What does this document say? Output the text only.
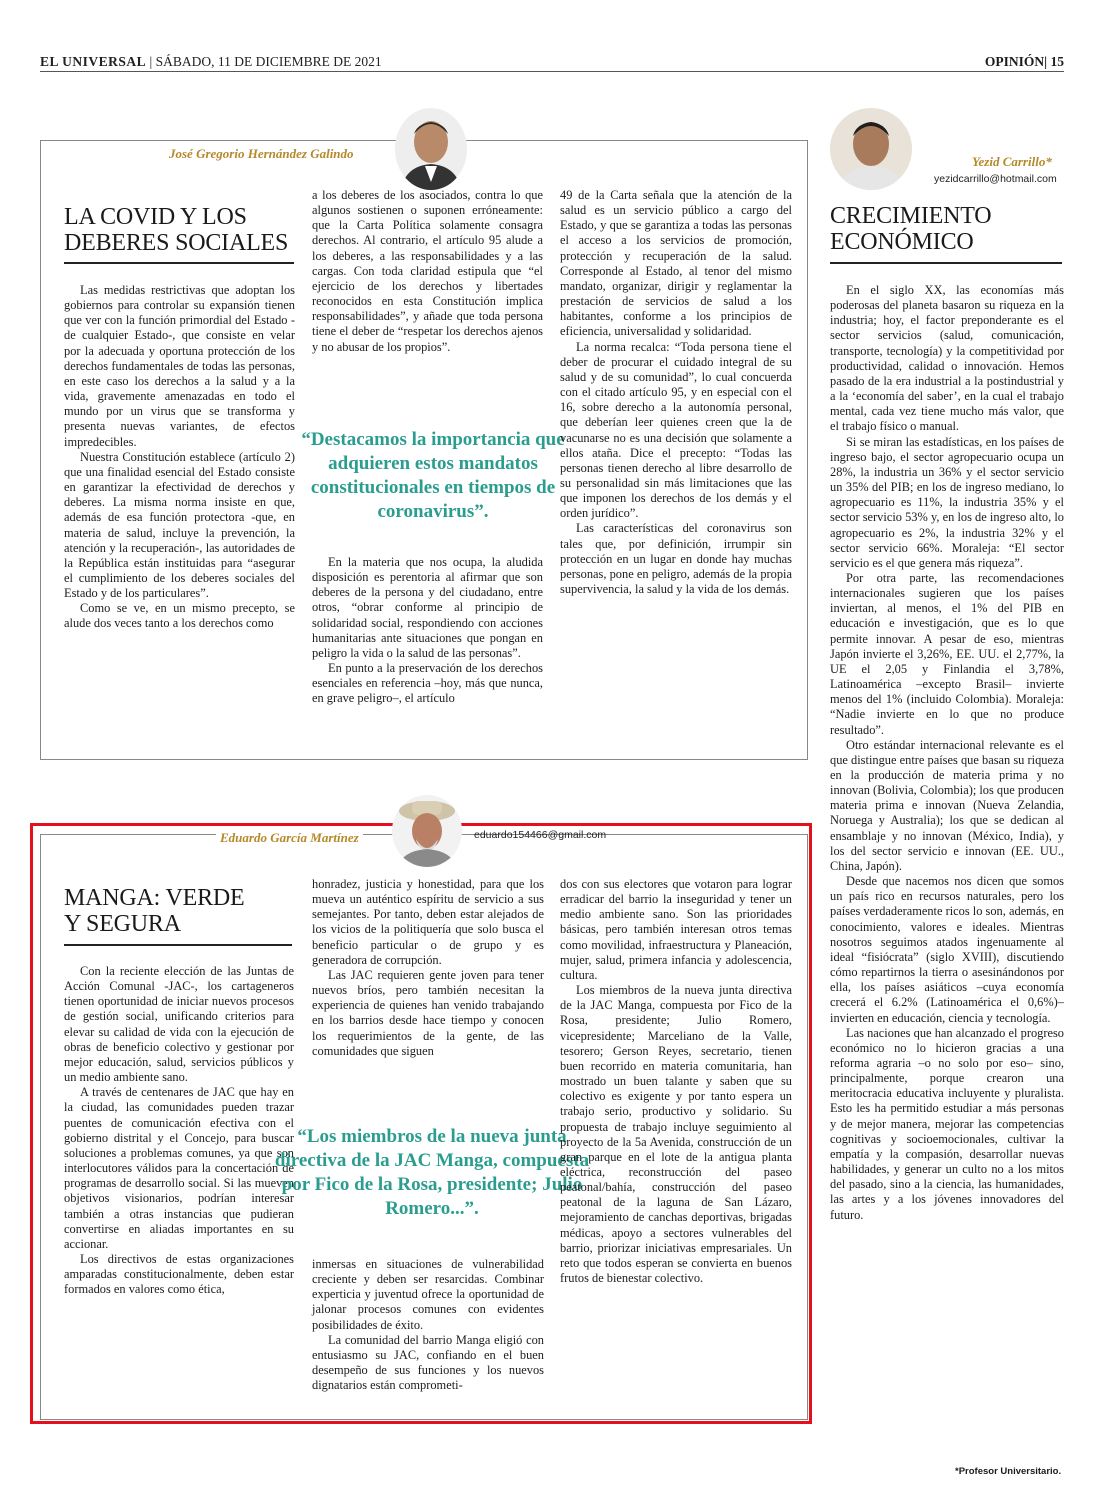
EL UNIVERSAL | SÁBADO, 11 DE DICIEMBRE DE 2021	OPINIÓN| 15
José Gregorio Hernández Galindo
LA COVID Y LOS DEBERES SOCIALES

Las medidas restrictivas que adoptan los gobiernos para controlar su expansión tienen que ver con la función primordial del Estado -de cualquier Estado-, que consiste en velar por la adecuada y oportuna protección de los derechos fundamentales de todas las personas, en este caso los derechos a la salud y a la vida, gravemente amenazadas en todo el mundo por un virus que se transforma y presenta nuevas variantes, de efectos impredecibles.

Nuestra Constitución establece (artículo 2) que una finalidad esencial del Estado consiste en garantizar la efectividad de derechos y deberes. La misma norma insiste en que, además de esa función protectora -que, en materia de salud, incluye la prevención, la atención y la recuperación-, las autoridades de la República están instituidas para “asegurar el cumplimiento de los deberes sociales del Estado y de los particulares”.

Como se ve, en un mismo precepto, se alude dos veces tanto a los derechos como

a los deberes de los asociados, contra lo que algunos sostienen o suponen erróneamente: que la Carta Política solamente consagra derechos. Al contrario, el artículo 95 alude a los deberes, a las responsabilidades y a las cargas. Con toda claridad estipula que “el ejercicio de los derechos y libertades reconocidos en esta Constitución implica responsabilidades”, y añade que toda persona tiene el deber de “respetar los derechos ajenos y no abusar de los propios”.

“Destacamos la importancia que adquieren estos mandatos constitucionales en tiempos de coronavirus”.

En la materia que nos ocupa, la aludida disposición es perentoria al afirmar que son deberes de la persona y del ciudadano, entre otros, “obrar conforme al principio de solidaridad social, respondiendo con acciones humanitarias ante situaciones que pongan en peligro la vida o la salud de las personas”.

En punto a la preservación de los derechos esenciales en referencia –hoy, más que nunca, en grave peligro–, el artículo

49 de la Carta señala que la atención de la salud es un servicio público a cargo del Estado, y que se garantiza a todas las personas el acceso a los servicios de promoción, protección y recuperación de la salud. Corresponde al Estado, al tenor del mismo mandato, organizar, dirigir y reglamentar la prestación de servicios de salud a los habitantes, conforme a los principios de eficiencia, universalidad y solidaridad.

La norma recalca: “Toda persona tiene el deber de procurar el cuidado integral de su salud y de su comunidad”, lo cual concuerda con el citado artículo 95, y en especial con el 16, sobre derecho a la autonomía personal, que deberían leer quienes creen que la de vacunarse no es una decisión que solamente a ellos ataña. Dice el precepto: “Todas las personas tienen derecho al libre desarrollo de su personalidad sin más limitaciones que las que imponen los derechos de los demás y el orden jurídico”.

Las características del coronavirus son tales que, por definición, irrumpir sin protección en un lugar en donde hay muchas personas, pone en peligro, además de la propia supervivencia, la salud y la vida de los demás.

Yezid Carrillo*
yezidcarrillo@hotmail.com
CRECIMIENTO ECONÓMICO

En el siglo XX, las economías más poderosas del planeta basaron su riqueza en la industria; hoy, el factor preponderante es el sector servicios (salud, comunicación, transporte, tecnología) y la competitividad por productividad, calidad o innovación. Hemos pasado de la era industrial a la postindustrial y a la ‘economía del saber’, en la cual el trabajo mental, cada vez tiene mucho más valor, que el trabajo físico o manual.

Si se miran las estadísticas, en los países de ingreso bajo, el sector agropecuario ocupa un 28%, la industria un 36% y el sector servicio un 35% del PIB; en los de ingreso mediano, lo agropecuario es 11%, la industria 35% y el sector servicio 53% y, en los de ingreso alto, lo agropecuario es 2%, la industria 32% y el sector servicio 66%. Moraleja: “El sector servicio es el que genera más riqueza”.

Por otra parte, las recomendaciones internacionales sugieren que los países inviertan, al menos, el 1% del PIB en educación e investigación, que es lo que permite innovar. A pesar de eso, mientras Japón invierte el 3,26%, EE. UU. el 2,77%, la UE el 2,05 y Finlandia el 3,78%, Latinoamérica –excepto Brasil– invierte menos del 1% (incluido Colombia). Moraleja: “Nadie invierte en lo que no produce resultado”.

Otro estándar internacional relevante es el que distingue entre países que basan su riqueza en la producción de materia prima y no innovan (Bolivia, Colombia); los que producen materia prima e innovan (Nueva Zelandia, Noruega y Australia); los que se dedican al ensamblaje y no innovan (México, India), y los del sector servicio e innovan (EE. UU., China, Japón).

Desde que nacemos nos dicen que somos un país rico en recursos naturales, pero los países verdaderamente ricos lo son, además, en conocimiento, valores e ideales. Mientras nosotros seguimos atados ingenuamente al ideal “fisiócrata” (siglo XVIII), discutiendo cómo repartirnos la tierra o asesinándonos por ella, los países asiáticos –cuya economía crecerá el 6.2% (Latinoamérica el 0,6%)– invierten en educación, ciencia y tecnología.

Las naciones que han alcanzado el progreso económico no lo hicieron gracias a una reforma agraria –o no solo por eso– sino, principalmente, porque crearon una meritocracia educativa incluyente y pluralista. Esto les ha permitido estudiar a más personas y de mejor manera, mejorar las competencias cognitivas y socioemocionales, cultivar la empatía y la compasión, desarrollar nuevas habilidades, y generar un culto no a los mitos del pasado, sino a la ciencia, las humanidades, las artes y a los jóvenes innovadores del futuro.

*Profesor Universitario.
Eduardo García Martínez	eduardo154466@gmail.com
MANGA: VERDE Y SEGURA

Con la reciente elección de las Juntas de Acción Comunal -JAC-, los cartageneros tienen oportunidad de iniciar nuevos procesos de gestión social, unificando criterios para elevar su calidad de vida con la ejecución de obras de beneficio colectivo y gestionar por mejor educación, salud, servicios públicos y un medio ambiente sano.

A través de centenares de JAC que hay en la ciudad, las comunidades pueden trazar puentes de comunicación efectiva con el gobierno distrital y el Concejo, para buscar soluciones a problemas comunes, ya que son interlocutores válidos para la concertación de programas de desarrollo social. Si las mueven objetivos visionarios, podrían interesar también a otras instancias que pudieran convertirse en aliadas importantes en su accionar.

Los directivos de estas organizaciones amparadas constitucionalmente, deben estar formados en valores como ética,

honradez, justicia y honestidad, para que los mueva un auténtico espíritu de servicio a sus semejantes. Por tanto, deben estar alejados de los vicios de la politiquería que solo busca el beneficio particular o de grupo y es generadora de corrupción.

Las JAC requieren gente joven para tener nuevos bríos, pero también necesitan la experiencia de quienes han venido trabajando en los barrios desde hace tiempo y conocen los requerimientos de la gente, de las comunidades que siguen

“Los miembros de la nueva junta directiva de la JAC Manga, compuesta por Fico de la Rosa, presidente; Julio Romero...”.

inmersas en situaciones de vulnerabilidad creciente y deben ser resarcidas. Combinar experticia y juventud ofrece la oportunidad de jalonar procesos comunes con evidentes posibilidades de éxito.

La comunidad del barrio Manga eligió con entusiasmo su JAC, confiando en el buen desempeño de sus funciones y los nuevos dignatarios están comprometi-

dos con sus electores que votaron para lograr erradicar del barrio la inseguridad y tener un medio ambiente sano. Son las prioridades básicas, pero también interesan otros temas como movilidad, infraestructura y Planeación, mujer, salud, primera infancia y adolescencia, cultura.

Los miembros de la nueva junta directiva de la JAC Manga, compuesta por Fico de la Rosa, presidente; Julio Romero, vicepresidente; Marceliano de la Valle, tesorero; Gerson Reyes, secretario, tienen buen recorrido en materia comunitaria, han mostrado un buen talante y saben que su colectivo es exigente y por tanto espera un trabajo serio, productivo y solidario. Su propuesta de trabajo incluye seguimiento al proyecto de la 5a Avenida, construcción de un gran parque en el lote de la antigua planta eléctrica, reconstrucción del paseo peatonal/bahía, construcción del paseo peatonal de la laguna de San Lázaro, mejoramiento de canchas deportivas, brigadas médicas, apoyo a sectores vulnerables del barrio, priorizar iniciativas empresariales. Un reto que todos esperan se convierta en buenos frutos de bienestar colectivo.
